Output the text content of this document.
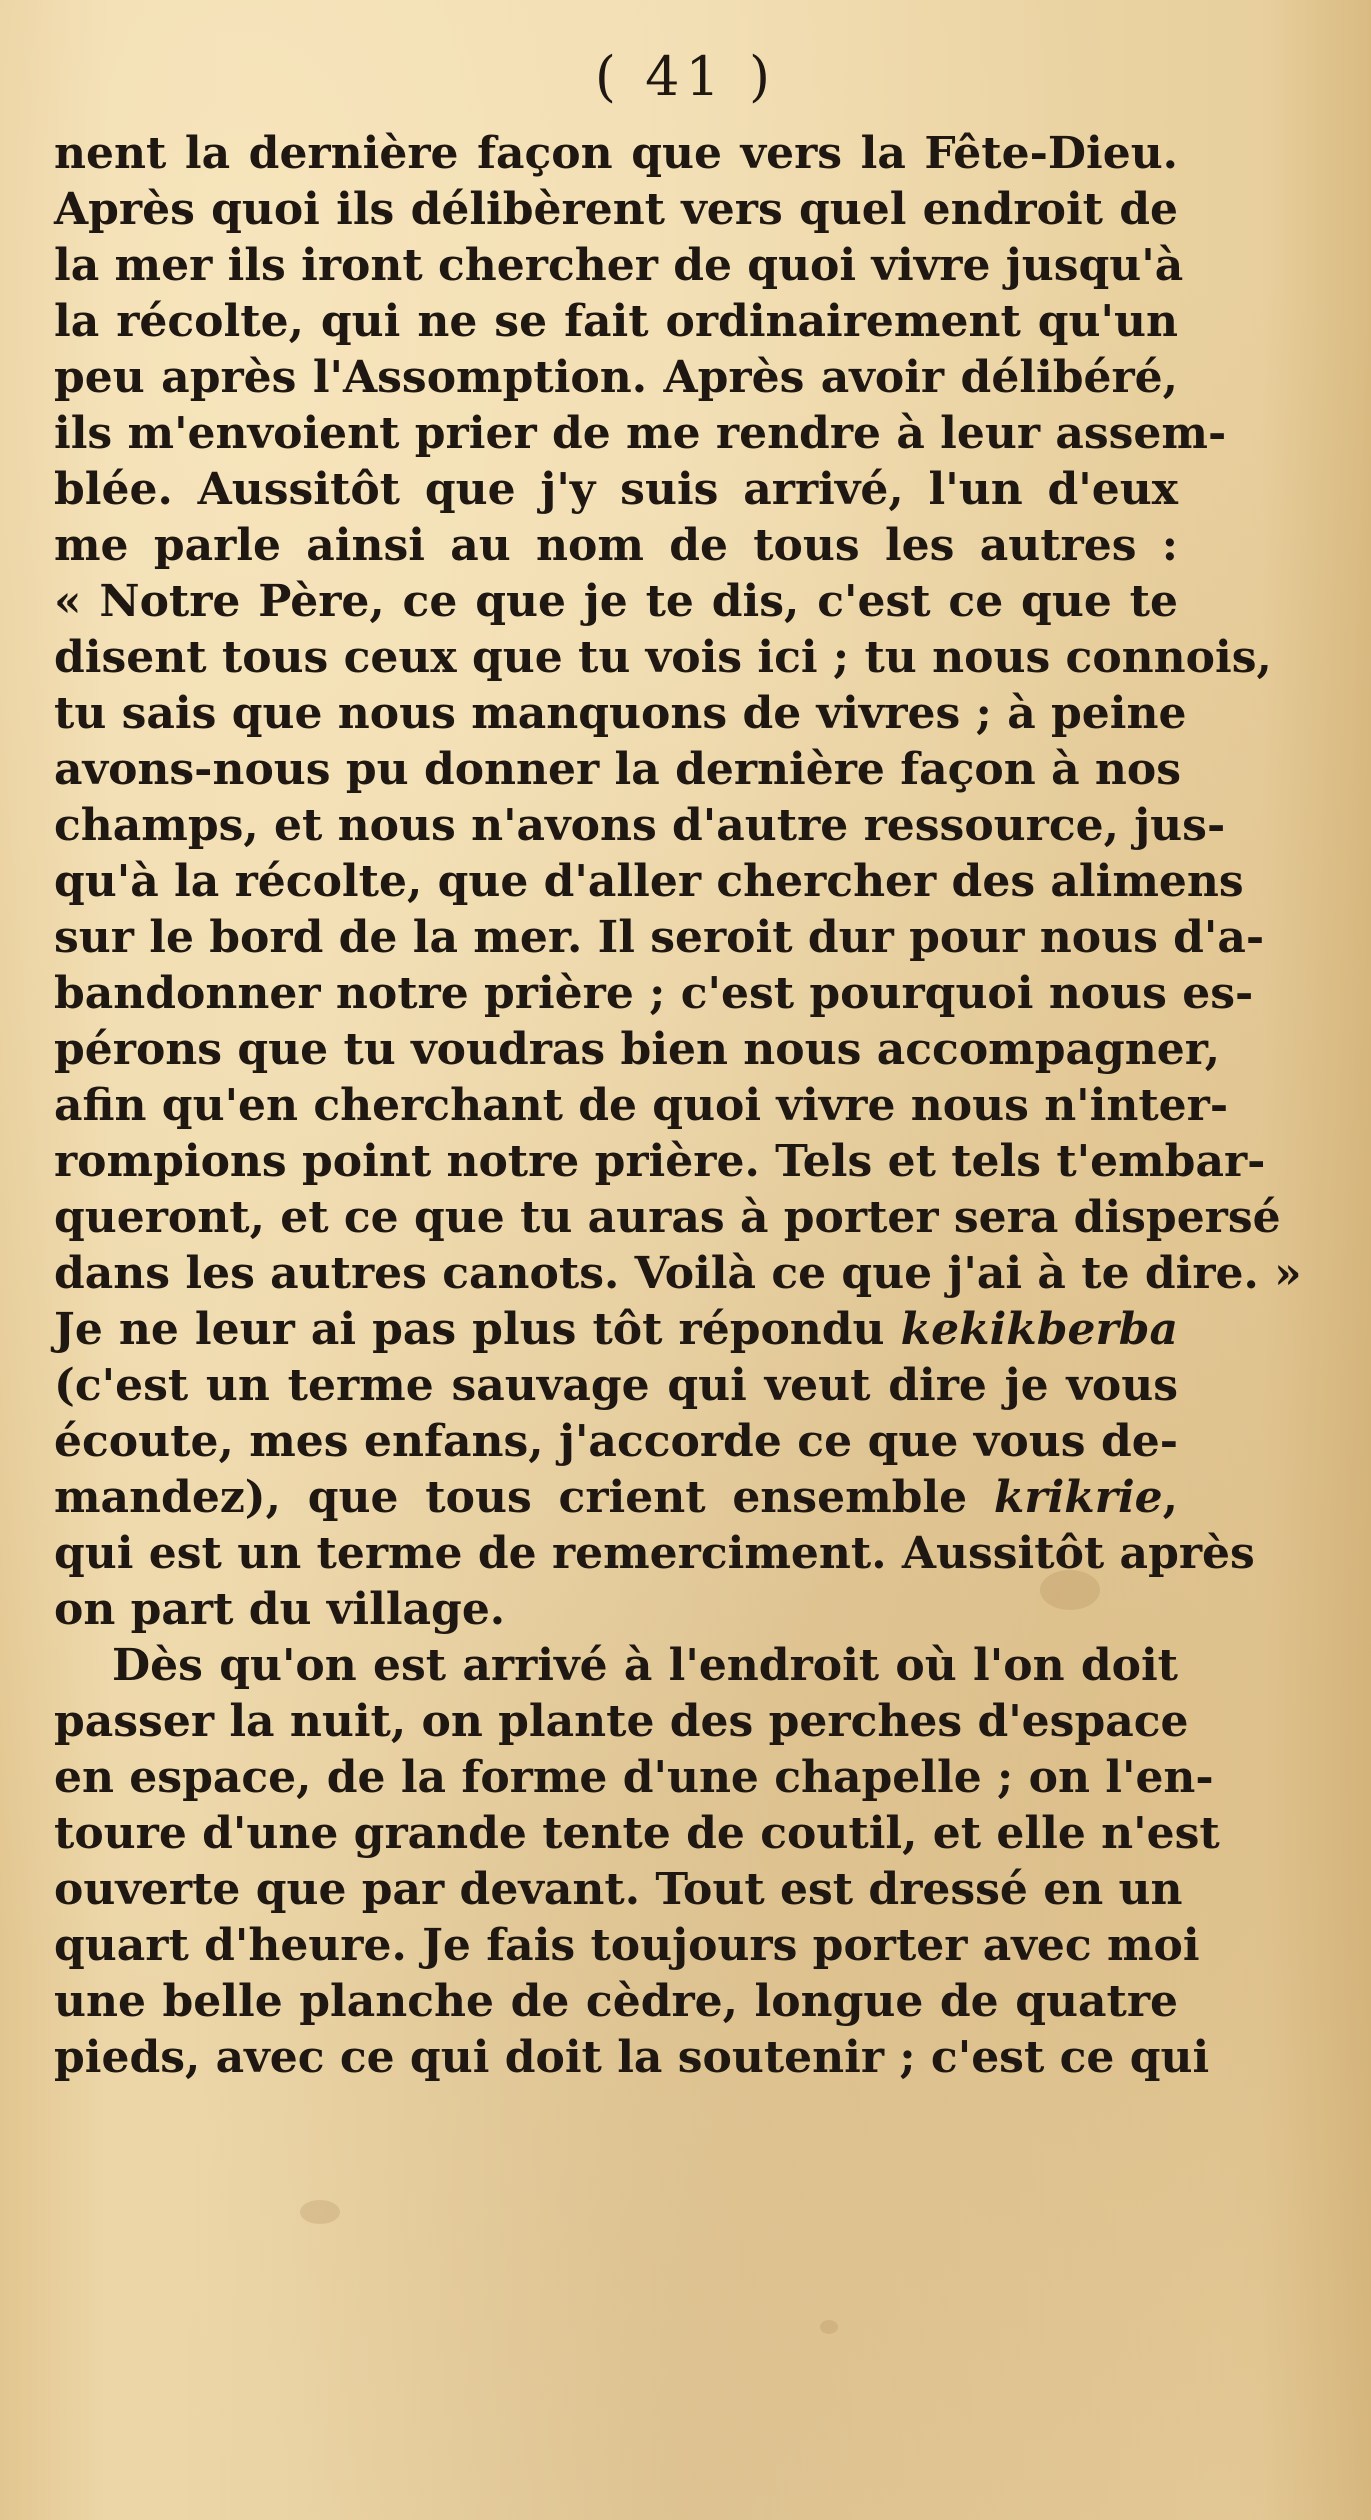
( 41 )
nent la dernière façon que vers la Fête-Dieu.
Après quoi ils délibèrent vers quel endroit de
la mer ils iront chercher de quoi vivre jusqu'à
la récolte, qui ne se fait ordinairement qu'un
peu après l'Assomption. Après avoir délibéré,
ils m'envoient prier de me rendre à leur assem-
blée. Aussitôt que j'y suis arrivé, l'un d'eux
me parle ainsi au nom de tous les autres :
« Notre Père, ce que je te dis, c'est ce que te
disent tous ceux que tu vois ici ; tu nous connois,
tu sais que nous manquons de vivres ; à peine
avons-nous pu donner la dernière façon à nos
champs, et nous n'avons d'autre ressource, jus-
qu'à la récolte, que d'aller chercher des alimens
sur le bord de la mer. Il seroit dur pour nous d'a-
bandonner notre prière ; c'est pourquoi nous es-
pérons que tu voudras bien nous accompagner,
afin qu'en cherchant de quoi vivre nous n'inter-
rompions point notre prière. Tels et tels t'embar-
queront, et ce que tu auras à porter sera dispersé
dans les autres canots. Voilà ce que j'ai à te dire. »
Je ne leur ai pas plus tôt répondu kekikberba
(c'est un terme sauvage qui veut dire je vous
écoute, mes enfans, j'accorde ce que vous de-
mandez), que tous crient ensemble krikrie,
qui est un terme de remerciment. Aussitôt après
on part du village.
Dès qu'on est arrivé à l'endroit où l'on doit
passer la nuit, on plante des perches d'espace
en espace, de la forme d'une chapelle ; on l'en-
toure d'une grande tente de coutil, et elle n'est
ouverte que par devant. Tout est dressé en un
quart d'heure. Je fais toujours porter avec moi
une belle planche de cèdre, longue de quatre
pieds, avec ce qui doit la soutenir ; c'est ce qui
